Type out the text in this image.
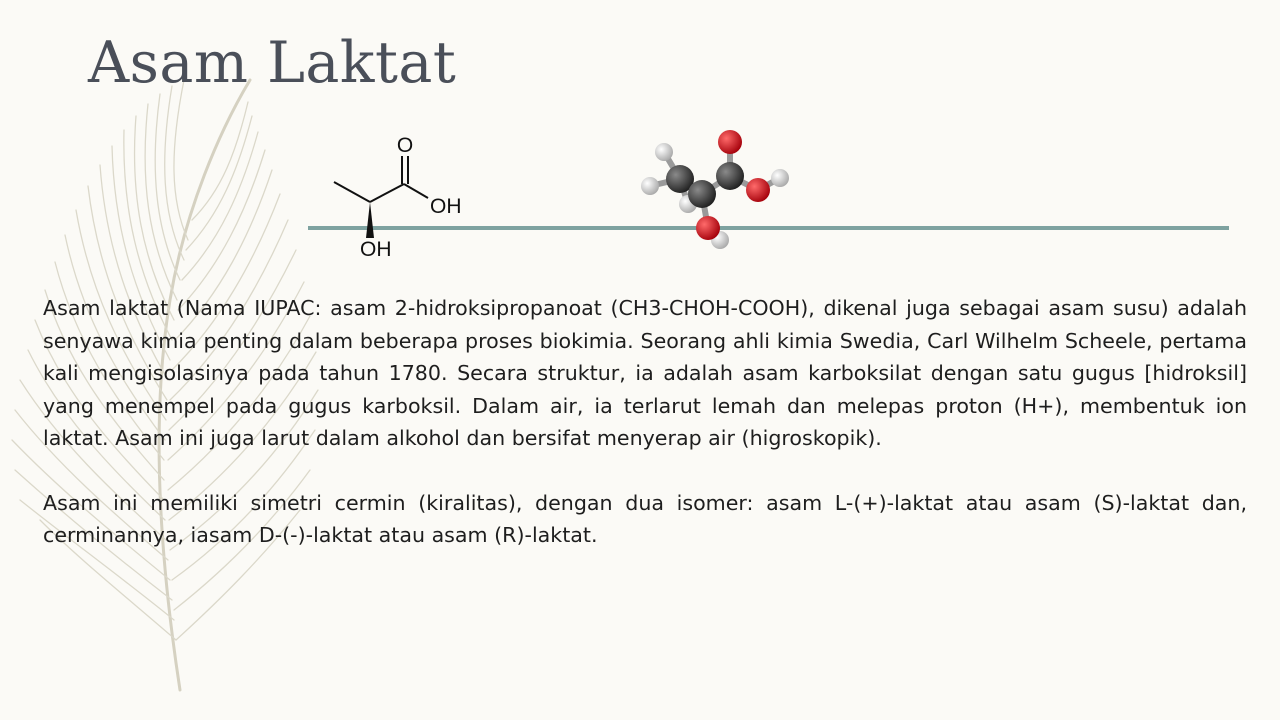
Asam Laktat
O
OH
OH

Asam laktat (Nama IUPAC: asam 2-hidroksipropanoat (CH3-CHOH-COOH), dikenal juga sebagai asam susu) adalah senyawa kimia penting dalam beberapa proses biokimia. Seorang ahli kimia Swedia, Carl Wilhelm Scheele, pertama kali mengisolasinya pada tahun 1780. Secara struktur, ia adalah asam karboksilat dengan satu gugus [hidroksil] yang menempel pada gugus karboksil. Dalam air, ia terlarut lemah dan melepas proton (H+), membentuk ion laktat. Asam ini juga larut dalam alkohol dan bersifat menyerap air (higroskopik).

Asam ini memiliki simetri cermin (kiralitas), dengan dua isomer: asam L-(+)-laktat atau asam (S)-laktat dan, cerminannya, iasam D-(-)-laktat atau asam (R)-laktat.
